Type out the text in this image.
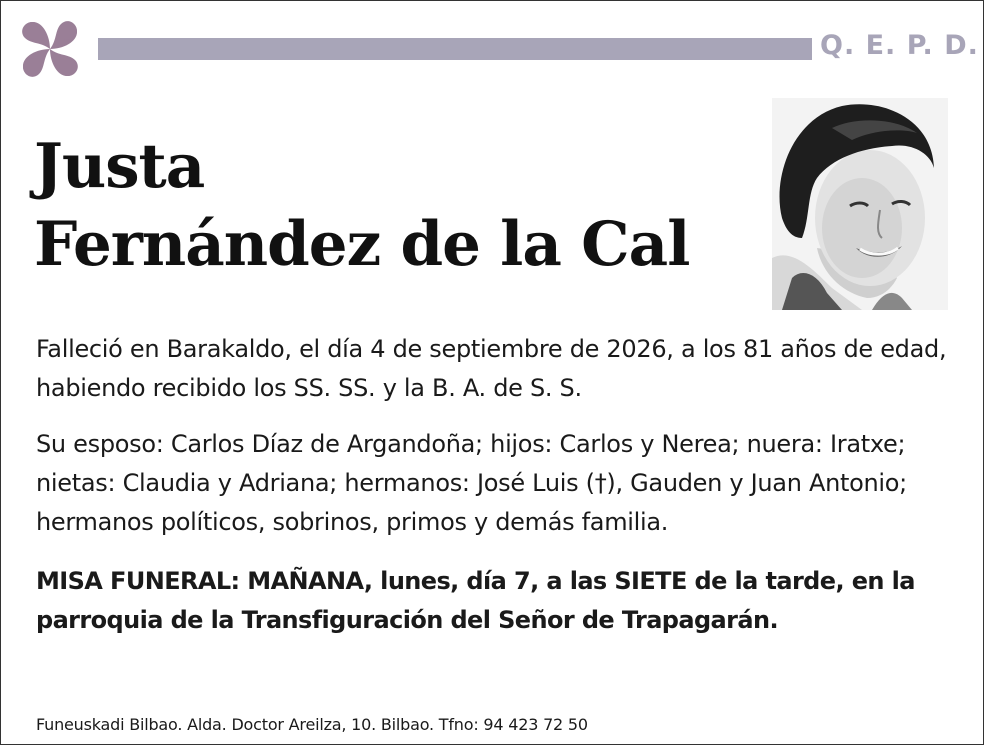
Q. E. P. D.
Justa
Fernández de la Cal
Falleció en Barakaldo, el día 4 de septiembre de 2026, a los 81 años de edad, habiendo recibido los SS. SS. y la B. A. de S. S.
Su esposo: Carlos Díaz de Argandoña; hijos: Carlos y Nerea; nuera: Iratxe; nietas: Claudia y Adriana; hermanos: José Luis (†), Gauden y Juan Antonio; hermanos políticos, sobrinos, primos y demás familia.
MISA FUNERAL: MAÑANA, lunes, día 7, a las SIETE de la tarde, en la parroquia de la Transfiguración del Señor de Trapagarán.
Funeuskadi Bilbao. Alda. Doctor Areilza, 10. Bilbao. Tfno: 94 423 72 50
